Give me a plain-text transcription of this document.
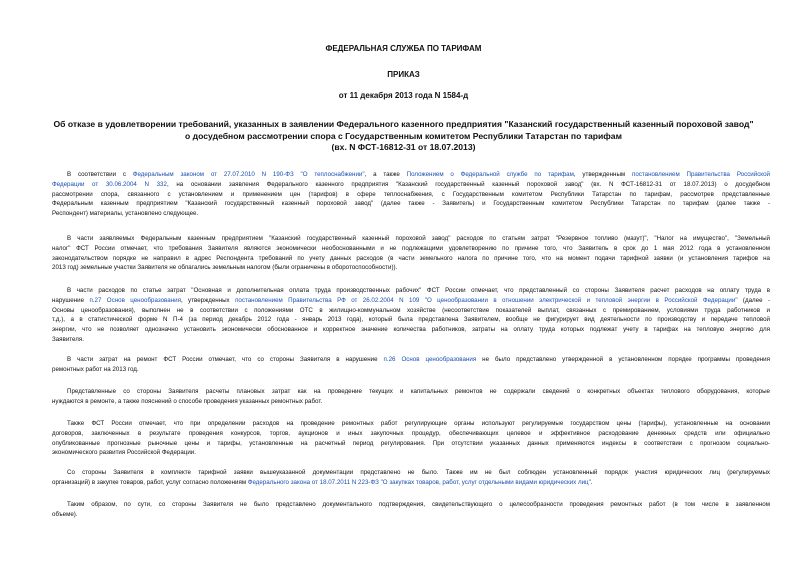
ФЕДЕРАЛЬНАЯ СЛУЖБА ПО ТАРИФАМ
ПРИКАЗ
от 11 декабря 2013 года N 1584-д
Об отказе в удовлетворении требований, указанных в заявлении Федерального казенного предприятия "Казанский государственный казенный пороховой завод"
о досудебном рассмотрении спора с Государственным комитетом Республики Татарстан по тарифам
(вх. N ФСТ-16812-31 от 18.07.2013)

В соответствии с Федеральным законом от 27.07.2010 N 190-ФЗ "О теплоснабжении", а также Положением о Федеральной службе по тарифам, утвержденным постановлением Правительства Российской
Федерации от 30.06.2004 N 332, на основании заявления Федерального казенного предприятия "Казанский государственный казенный пороховой завод" (вх. N ФСТ-16812-31 от 18.07.2013) о досудебном
рассмотрении спора, связанного с установлением и применением цен (тарифов) в сфере теплоснабжения, с Государственным комитетом Республики Татарстан по тарифам, рассмотрев представленные
Федеральным казенным предприятием "Казанский государственный казенный пороховой завод" (далее также - Заявитель) и Государственным комитетом Республики Татарстан по тарифам (далее также -
Респондент) материалы, установлено следующее.

В части заявляемых Федеральным казенным предприятием "Казанский государственный казенный пороховой завод" расходов по статьям затрат "Резервное топливо (мазут)", "Налог на имущество", "Земельный
налог" ФСТ России отмечает, что требования Заявителя являются экономически необоснованными и не подлежащими удовлетворению по причине того, что Заявитель в срок до 1 мая 2012 года в установленном
законодательством порядке не направил в адрес Респондента требований по учету данных расходов (в части земельного налога по причине того, что на момент подачи тарифной заявки (и установления тарифов на
2013 год) земельные участки Заявителя не облагались земельным налогом (были ограничены в оборотоспособности)).

В части расходов по статье затрат "Основная и дополнительная оплата труда производственных рабочих" ФСТ России отмечает, что представленный со стороны Заявителя расчет расходов на оплату труда в
нарушение п.27 Основ ценообразования, утвержденных постановлением Правительства РФ от 26.02.2004 N 109 "О ценообразовании в отношении электрической и тепловой энергии в Российской Федерации" (далее -
Основы ценообразования), выполнен не в соответствии с положениями ОТС в жилищно-коммунальном хозяйстве (несоответствие показателей выплат, связанных с премированием, условиями труда работников и
т.д.), а в статистической форме N П-4 (за период декабрь 2012 года - январь 2013 года), который была представлена Заявителем, вообще не фигурирует вид деятельности по производству и передаче тепловой
энергии, что не позволяет однозначно установить экономически обоснованное и корректное значение количества работников, затраты на оплату труда которых подлежат учету в тарифах на тепловую энергию для
Заявителя.

В части затрат на ремонт ФСТ России отмечает, что со стороны Заявителя в нарушение п.26 Основ ценообразования не было представлено утвержденной в установленном порядке программы проведения
ремонтных работ на 2013 год.

Представленные со стороны Заявителя расчеты плановых затрат как на проведение текущих и капитальных ремонтов не содержали сведений о конкретных объектах теплового оборудования, которые
нуждаются в ремонте, а также пояснений о способе проведения указанных ремонтных работ.

Также ФСТ России отмечает, что при определении расходов на проведение ремонтных работ регулирующие органы используют регулируемые государством цены (тарифы), установленные на основании
договоров, заключенных в результате проведения конкурсов, торгов, аукционов и иных закупочных процедур, обеспечивающих целевое и эффективное расходование денежных средств или официально
опубликованные прогнозные рыночные цены и тарифы, установленные на расчетный период регулирования. При отсутствии указанных данных применяются индексы в соответствии с прогнозом социально-
экономического развития Российской Федерации.

Со стороны Заявителя в комплекте тарифной заявки вышеуказанной документации представлено не было. Также им не был соблюден установленный порядок участия юридических лиц (регулируемых
организаций) в закупке товаров, работ, услуг согласно положениям Федерального закона от 18.07.2011 N 223-ФЗ "О закупках товаров, работ, услуг отдельными видами юридических лиц".

Таким образом, по сути, со стороны Заявителя не было представлено документального подтверждения, свидетельствующего о целесообразности проведения ремонтных работ (в том числе в заявленном
объеме).
